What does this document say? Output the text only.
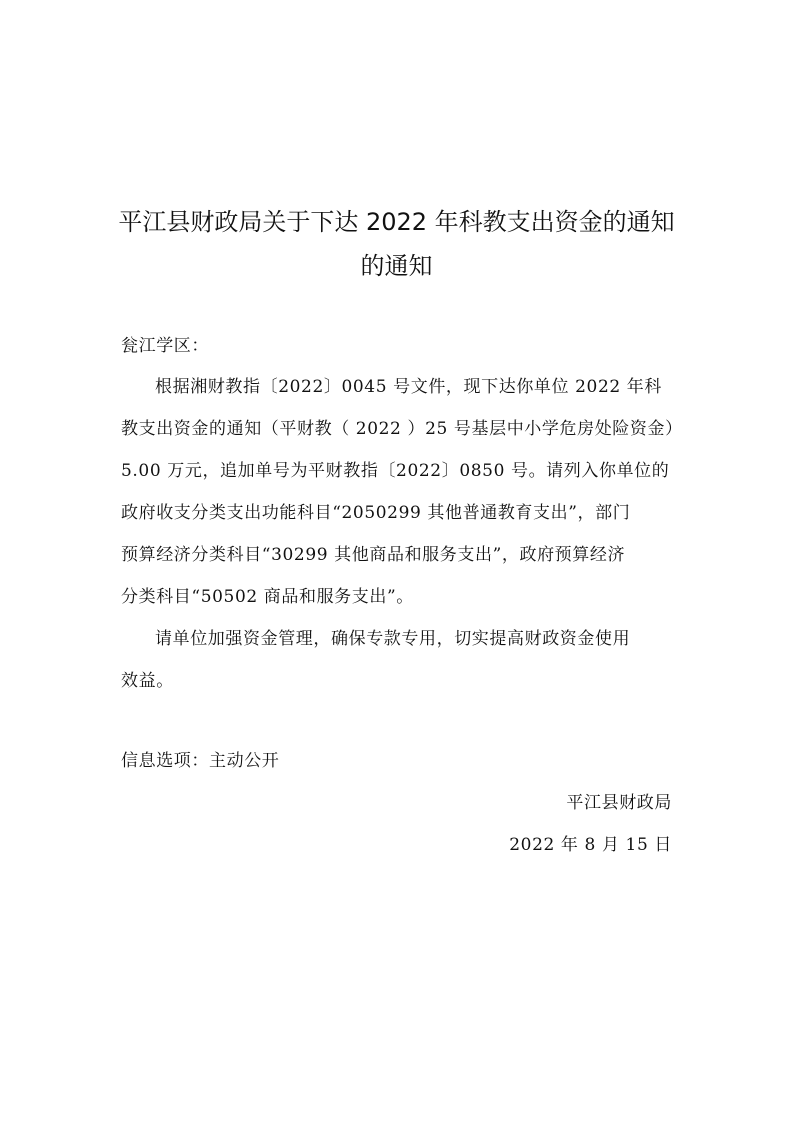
平江县财政局关于下达 2022 年科教支出资金的通知
的通知
瓮江学区：
根据湘财教指〔2022〕0045 号文件，现下达你单位 2022 年科
教支出资金的通知（平财教（ 2022 ）25 号基层中小学危房处险资金）
5.00 万元，追加单号为平财教指〔2022〕0850 号。请列入你单位的
政府收支分类支出功能科目“2050299 其他普通教育支出”，部门
预算经济分类科目“30299 其他商品和服务支出”，政府预算经济
分类科目“50502 商品和服务支出”。
请单位加强资金管理，确保专款专用，切实提高财政资金使用
效益。
信息选项：主动公开
平江县财政局
2022 年 8 月 15 日
